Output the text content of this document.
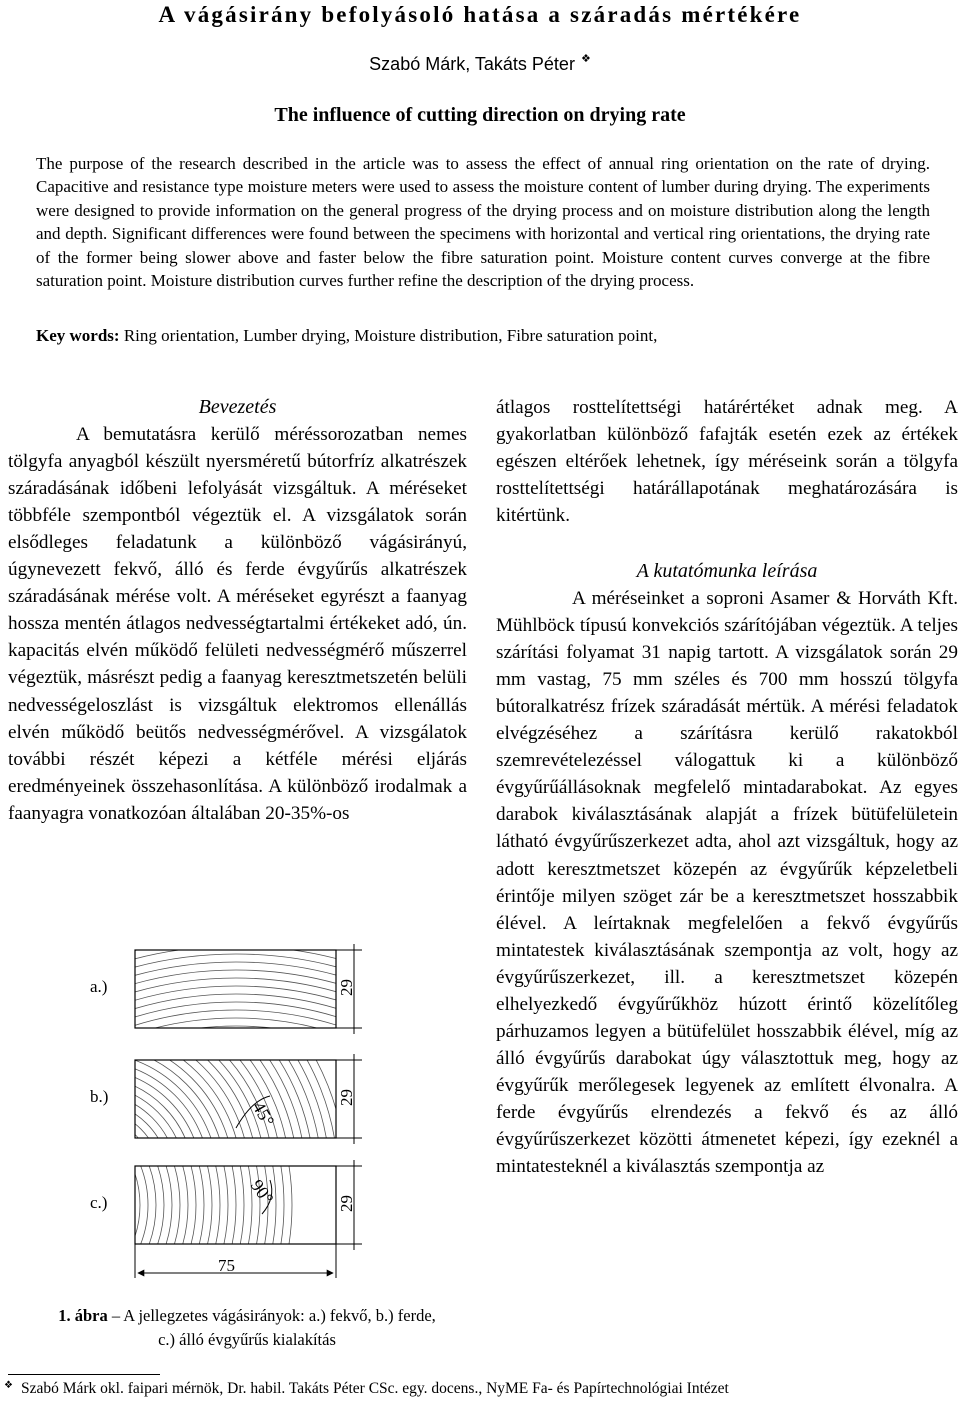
A vágásirány befolyásoló hatása a száradás mértékére
Szabó Márk, Takáts Péter ❖
The influence of cutting direction on drying rate
The purpose of the research described in the article was to assess the effect of annual ring orientation on the rate of drying. Capacitive and resistance type moisture meters were used to assess the moisture content of lumber during drying. The experiments were designed to provide information on the general progress of the drying process and on moisture distribution along the length and depth. Significant differences were found between the specimens with horizontal and vertical ring orientations, the drying rate of the former being slower above and faster below the fibre saturation point. Moisture content curves converge at the fibre saturation point. Moisture distribution curves further refine the description of the drying process.
Key words: Ring orientation, Lumber drying, Moisture distribution, Fibre saturation point,
Bevezetés

A bemutatásra kerülő méréssorozatban nemes tölgyfa anyagból készült nyersméretű bútorfríz alkatrészek száradásának időbeni lefolyását vizsgáltuk. A méréseket többféle szempontból végeztük el. A vizsgálatok során elsődleges feladatunk a különböző vágásirányú, úgynevezett fekvő, álló és ferde évgyűrűs alkatrészek száradásának mérése volt. A méréseket egyrészt a faanyag hossza mentén átlagos nedvességtartalmi értékeket adó, ún. kapacitás elvén működő felületi nedvességmérő műszerrel végeztük, másrészt pedig a faanyag keresztmetszetén belüli nedvességeloszlást is vizsgáltuk elektromos ellenállás elvén működő beütős nedvességmérővel. A vizsgálatok további részét képezi a kétféle mérési eljárás eredményeinek összehasonlítása. A különböző irodalmak a faanyagra vonatkozóan általában 20-35%-os

a.)
b.)
45°
c.)	90°
29
29
29
75
1. ábra – A jellegzetes vágásirányok: a.) fekvő, b.) ferde,
c.) álló évgyűrűs kialakítás

átlagos rosttelítettségi határértéket adnak meg. A gyakorlatban különböző fafajták esetén ezek az értékek egészen eltérőek lehetnek, így méréseink során a tölgyfa rosttelítettségi határállapotának meghatározására is kitértünk.

A kutatómunka leírása

A méréseinket a soproni Asamer & Horváth Kft. Mühlböck típusú konvekciós szárítójában végeztük. A teljes szárítási folyamat 31 napig tartott. A vizsgálatok során 29 mm vastag, 75 mm széles és 700 mm hosszú tölgyfa bútoralkatrész frízek száradását mértük. A mérési feladatok elvégzéséhez a szárításra kerülő rakatokból szemrevételezéssel válogattuk ki a különböző évgyűrűállásoknak megfelelő mintadarabokat. Az egyes darabok kiválasztásának alapját a frízek bütüfelületein látható évgyűrűszerkezet adta, ahol azt vizsgáltuk, hogy az adott keresztmetszet közepén az évgyűrűk képzeletbeli érintője milyen szöget zár be a keresztmetszet hosszabbik élével. A leírtaknak megfelelően a fekvő évgyűrűs mintatestek kiválasztásának szempontja az volt, hogy az évgyűrűszerkezet, ill. a keresztmetszet közepén elhelyezkedő évgyűrűkhöz húzott érintő közelítőleg párhuzamos legyen a bütüfelület hosszabbik élével, míg az álló évgyűrűs darabokat úgy választottuk meg, hogy az évgyűrűk merőlegesek legyenek az említett élvonalra. A ferde évgyűrűs elrendezés a fekvő és az álló évgyűrűszerkezet közötti átmenetet képezi, így ezeknél a mintatesteknél a kiválasztás szempontja az

❖ Szabó Márk okl. faipari mérnök, Dr. habil. Takáts Péter CSc. egy. docens., NyME Fa- és Papírtechnológiai Intézet
